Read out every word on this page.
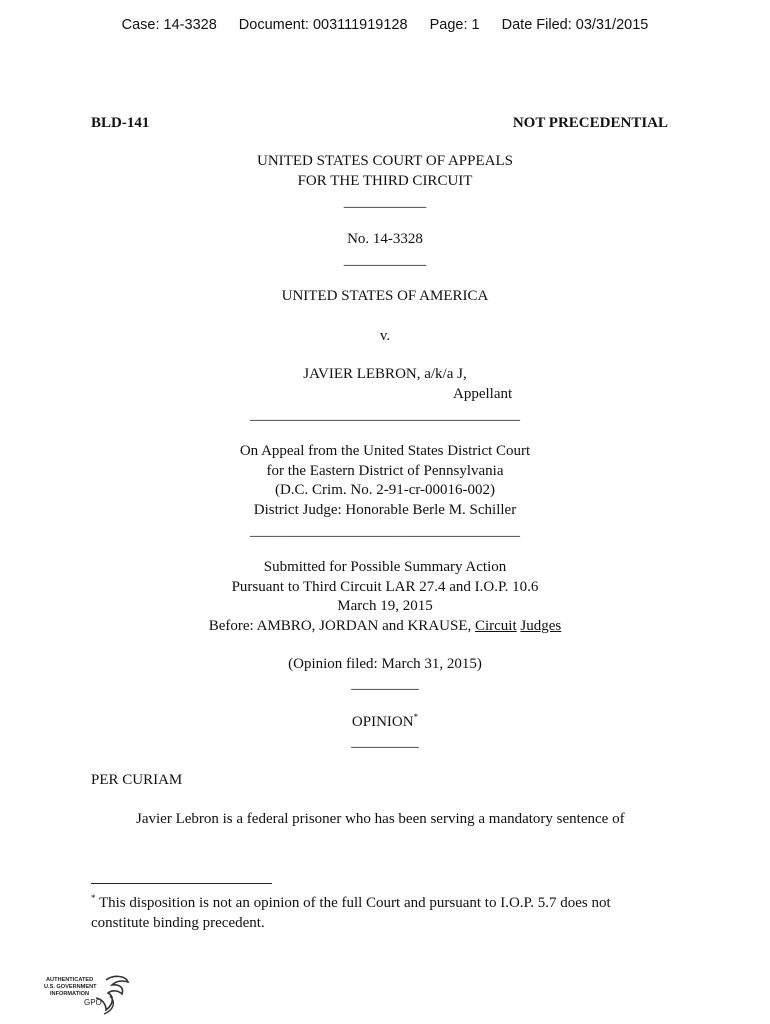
Case: 14-3328 Document: 003111919128 Page: 1 Date Filed: 03/31/2015
BLD-141	NOT PRECEDENTIAL
UNITED STATES COURT OF APPEALS
FOR THE THIRD CIRCUIT
___________
No. 14-3328
___________
UNITED STATES OF AMERICA
v.
JAVIER LEBRON, a/k/a J,
Appellant
____________________________________
On Appeal from the United States District Court
for the Eastern District of Pennsylvania
(D.C. Crim. No. 2-91-cr-00016-002)
District Judge: Honorable Berle M. Schiller
____________________________________
Submitted for Possible Summary Action
Pursuant to Third Circuit LAR 27.4 and I.O.P. 10.6
March 19, 2015
Before: AMBRO, JORDAN and KRAUSE, Circuit Judges
(Opinion filed: March 31, 2015)
_________
OPINION*
_________
PER CURIAM
Javier Lebron is a federal prisoner who has been serving a mandatory sentence of
* This disposition is not an opinion of the full Court and pursuant to I.O.P. 5.7 does not
constitute binding precedent.
AUTHENTICATED
U.S. GOVERNMENT
INFORMATION
GPO
